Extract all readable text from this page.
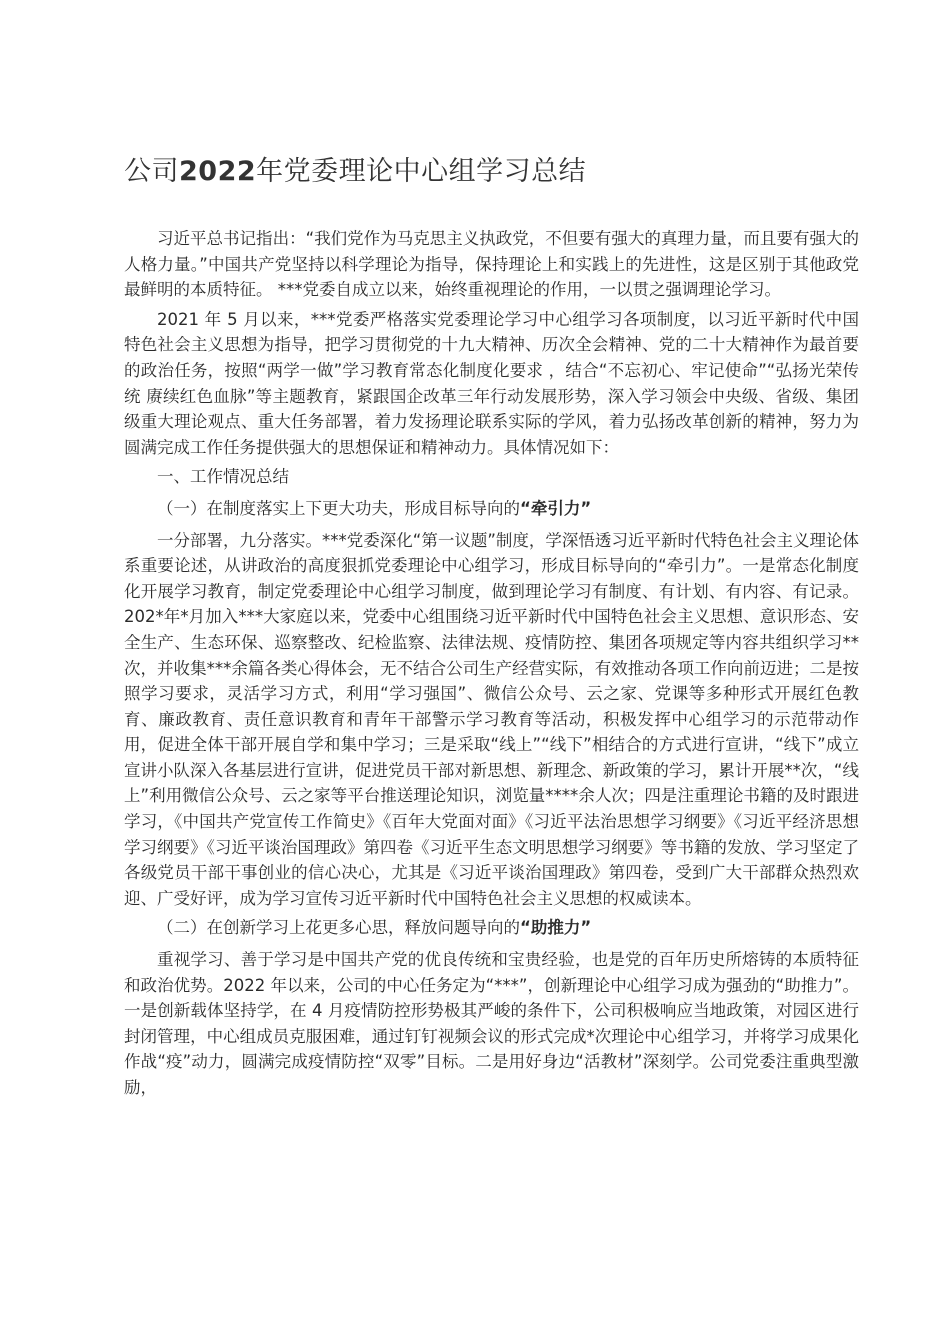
公司2022年党委理论中心组学习总结

习近平总书记指出：“我们党作为马克思主义执政党，不但要有强大的真理力量，而且要有强大的人格力量。”中国共产党坚持以科学理论为指导，保持理论上和实践上的先进性，这是区别于其他政党最鲜明的本质特征。 ***党委自成立以来，始终重视理论的作用，一以贯之强调理论学习。

2021 年 5 月以来，***党委严格落实党委理论学习中心组学习各项制度，以习近平新时代中国特色社会主义思想为指导，把学习贯彻党的十九大精神、历次全会精神、党的二十大精神作为最首要的政治任务，按照“两学一做”学习教育常态化制度化要求 ，结合“不忘初心、牢记使命”“弘扬光荣传统 赓续红色血脉”等主题教育，紧跟国企改革三年行动发展形势，深入学习领会中央级、省级、集团级重大理论观点、重大任务部署，着力发扬理论联系实际的学风，着力弘扬改革创新的精神，努力为圆满完成工作任务提供强大的思想保证和精神动力。具体情况如下：

一、工作情况总结

（一）在制度落实上下更大功夫，形成目标导向的“牵引力”

一分部署，九分落实。***党委深化“第一议题”制度，学深悟透习近平新时代特色社会主义理论体系重要论述，从讲政治的高度狠抓党委理论中心组学习，形成目标导向的“牵引力”。一是常态化制度化开展学习教育，制定党委理论中心组学习制度，做到理论学习有制度、有计划、有内容、有记录。202*年*月加入***大家庭以来，党委中心组围绕习近平新时代中国特色社会主义思想、意识形态、安全生产、生态环保、巡察整改、纪检监察、法律法规、疫情防控、集团各项规定等内容共组织学习**次，并收集***余篇各类心得体会，无不结合公司生产经营实际，有效推动各项工作向前迈进；二是按照学习要求，灵活学习方式，利用“学习强国”、微信公众号、云之家、党课等多种形式开展红色教育、廉政教育、责任意识教育和青年干部警示学习教育等活动，积极发挥中心组学习的示范带动作用，促进全体干部开展自学和集中学习；三是采取“线上”“线下”相结合的方式进行宣讲，“线下”成立宣讲小队深入各基层进行宣讲，促进党员干部对新思想、新理念、新政策的学习，累计开展**次，“线上”利用微信公众号、云之家等平台推送理论知识，浏览量****余人次；四是注重理论书籍的及时跟进学习，《中国共产党宣传工作简史》《百年大党面对面》《习近平法治思想学习纲要》《习近平经济思想学习纲要》《习近平谈治国理政》第四卷《习近平生态文明思想学习纲要》等书籍的发放、学习坚定了各级党员干部干事创业的信心决心，尤其是《习近平谈治国理政》第四卷，受到广大干部群众热烈欢迎、广受好评，成为学习宣传习近平新时代中国特色社会主义思想的权威读本。

（二）在创新学习上花更多心思，释放问题导向的“助推力”

重视学习、善于学习是中国共产党的优良传统和宝贵经验，也是党的百年历史所熔铸的本质特征和政治优势。2022 年以来，公司的中心任务定为“***”，创新理论中心组学习成为强劲的“助推力”。一是创新载体坚持学，在 4 月疫情防控形势极其严峻的条件下，公司积极响应当地政策，对园区进行封闭管理，中心组成员克服困难，通过钉钉视频会议的形式完成*次理论中心组学习，并将学习成果化作战“疫”动力，圆满完成疫情防控“双零”目标。二是用好身边“活教材”深刻学。公司党委注重典型激励，
